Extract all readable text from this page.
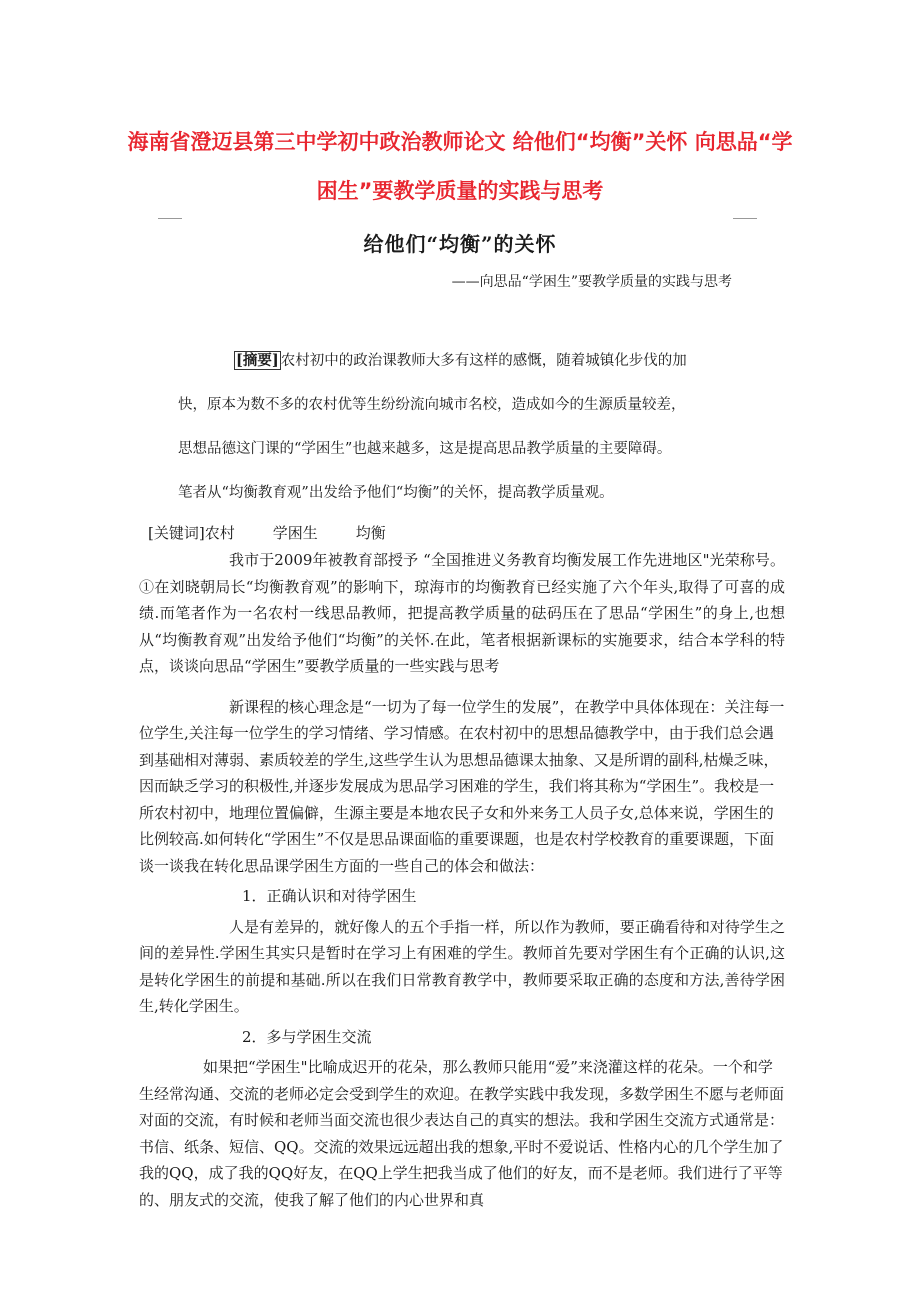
海南省澄迈县第三中学初中政治教师论文 给他们“均衡”关怀 向思品“学困生”要教学质量的实践与思考
给他们“均衡”的关怀
——向思品“学困生”要教学质量的实践与思考
[摘要] 农村初中的政治课教师大多有这样的感慨，随着城镇化步伐的加
快，原本为数不多的农村优等生纷纷流向城市名校，造成如今的生源质量较差，
思想品德这门课的“学困生”也越来越多，这是提高思品教学质量的主要障碍。
笔者从“均衡教育观”出发给予他们“均衡”的关怀，提高教学质量观。
[关键词]农村	学困生	均衡

我市于2009年被教育部授予 “全国推进义务教育均衡发展工作先进地区"光荣称号。①在刘晓朝局长“均衡教育观”的影响下，琼海市的均衡教育已经实施了六个年头,取得了可喜的成绩.而笔者作为一名农村一线思品教师，把提高教学质量的砝码压在了思品“学困生”的身上,也想从“均衡教育观”出发给予他们“均衡”的关怀.在此，笔者根据新课标的实施要求，结合本学科的特点，谈谈向思品“学困生”要教学质量的一些实践与思考

新课程的核心理念是“一切为了每一位学生的发展”，在教学中具体体现在：关注每一位学生,关注每一位学生的学习情绪、学习情感。在农村初中的思想品德教学中，由于我们总会遇到基础相对薄弱、素质较差的学生,这些学生认为思想品德课太抽象、又是所谓的副科,枯燥乏味，因而缺乏学习的积极性,并逐步发展成为思品学习困难的学生，我们将其称为“学困生”。我校是一所农村初中，地理位置偏僻，生源主要是本地农民子女和外来务工人员子女,总体来说，学困生的比例较高.如何转化“学困生”不仅是思品课面临的重要课题，也是农村学校教育的重要课题，下面谈一谈我在转化思品课学困生方面的一些自己的体会和做法：

1．正确认识和对待学困生

人是有差异的，就好像人的五个手指一样，所以作为教师，要正确看待和对待学生之间的差异性.学困生其实只是暂时在学习上有困难的学生。教师首先要对学困生有个正确的认识,这是转化学困生的前提和基础.所以在我们日常教育教学中，教师要采取正确的态度和方法,善待学困生,转化学困生。

2．多与学困生交流

如果把“学困生"比喻成迟开的花朵，那么教师只能用“爱”来浇灌这样的花朵。一个和学生经常沟通、交流的老师必定会受到学生的欢迎。在教学实践中我发现，多数学困生不愿与老师面对面的交流，有时候和老师当面交流也很少表达自己的真实的想法。我和学困生交流方式通常是：书信、纸条、短信、QQ。交流的效果远远超出我的想象,平时不爱说话、性格内心的几个学生加了我的QQ，成了我的QQ好友，在QQ上学生把我当成了他们的好友，而不是老师。我们进行了平等的、朋友式的交流，使我了解了他们的内心世界和真
